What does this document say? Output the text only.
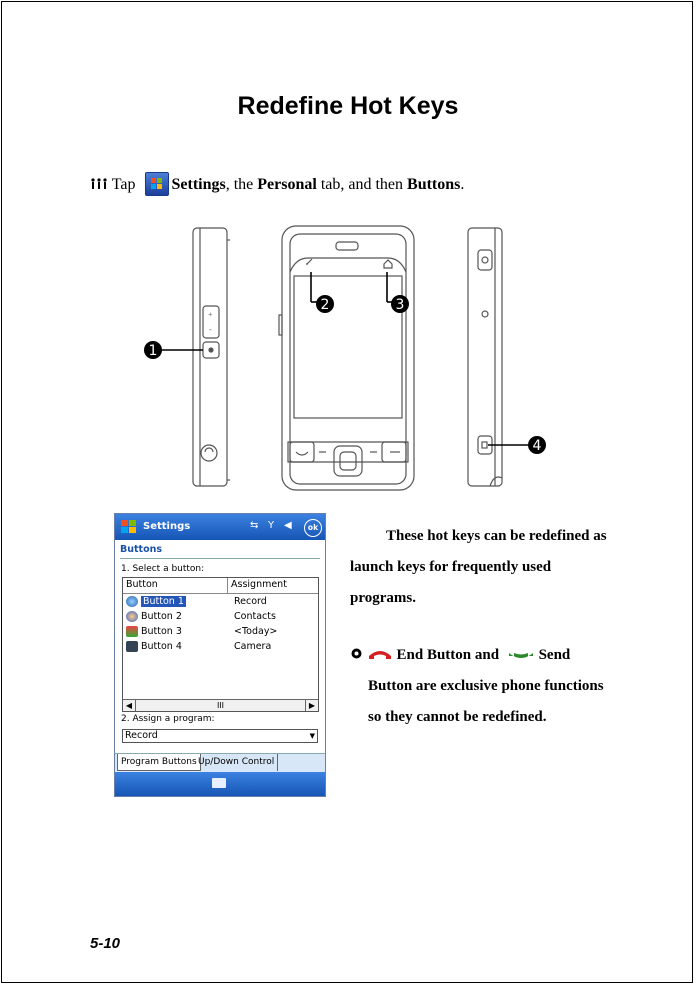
Redefine Hot Keys
Tap Settings, the Personal tab, and then Buttons.
+
-
1
2	3
4
Settings	⇆ Y ◀	ok
Buttons
1. Select a button:
Button	Assignment
Button 1	Record
Button 2	Contacts
Button 3	<Today>
Button 4	Camera
◀	III	▶
2. Assign a program:
Record	▼
Program Buttons Up/Down Control
These hot keys can be redefined as launch keys for frequently used programs.
End Button and	Send
Button are exclusive phone functions so they cannot be redefined.
5-10
